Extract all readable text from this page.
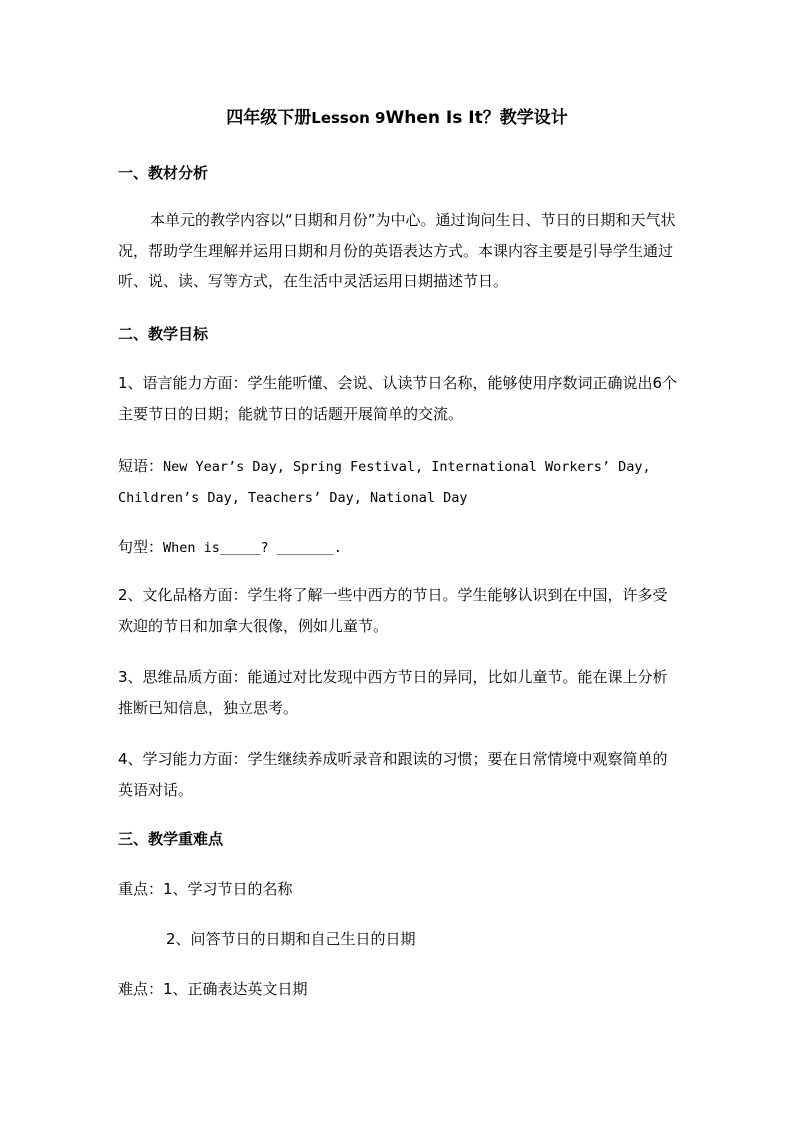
四年级下册Lesson 9When Is It？教学设计
一、教材分析

本单元的教学内容以“日期和月份”为中心。通过询问生日、节日的日期和天气状况，帮助学生理解并运用日期和月份的英语表达方式。本课内容主要是引导学生通过听、说、读、写等方式，在生活中灵活运用日期描述节日。

二、教学目标

1、语言能力方面：学生能听懂、会说、认读节日名称，能够使用序数词正确说出6个主要节日的日期；能就节日的话题开展简单的交流。

短语：New Year’s Day, Spring Festival, International Workers’ Day,
Children’s Day, Teachers’ Day, National Day
句型：When is_____? _______.

2、文化品格方面：学生将了解一些中西方的节日。学生能够认识到在中国，许多受欢迎的节日和加拿大很像，例如儿童节。

3、思维品质方面：能通过对比发现中西方节日的异同，比如儿童节。能在课上分析推断已知信息，独立思考。

4、学习能力方面：学生继续养成听录音和跟读的习惯；要在日常情境中观察简单的英语对话。

三、教学重难点
重点：1、学习节日的名称
2、问答节日的日期和自己生日的日期
难点：1、正确表达英文日期
